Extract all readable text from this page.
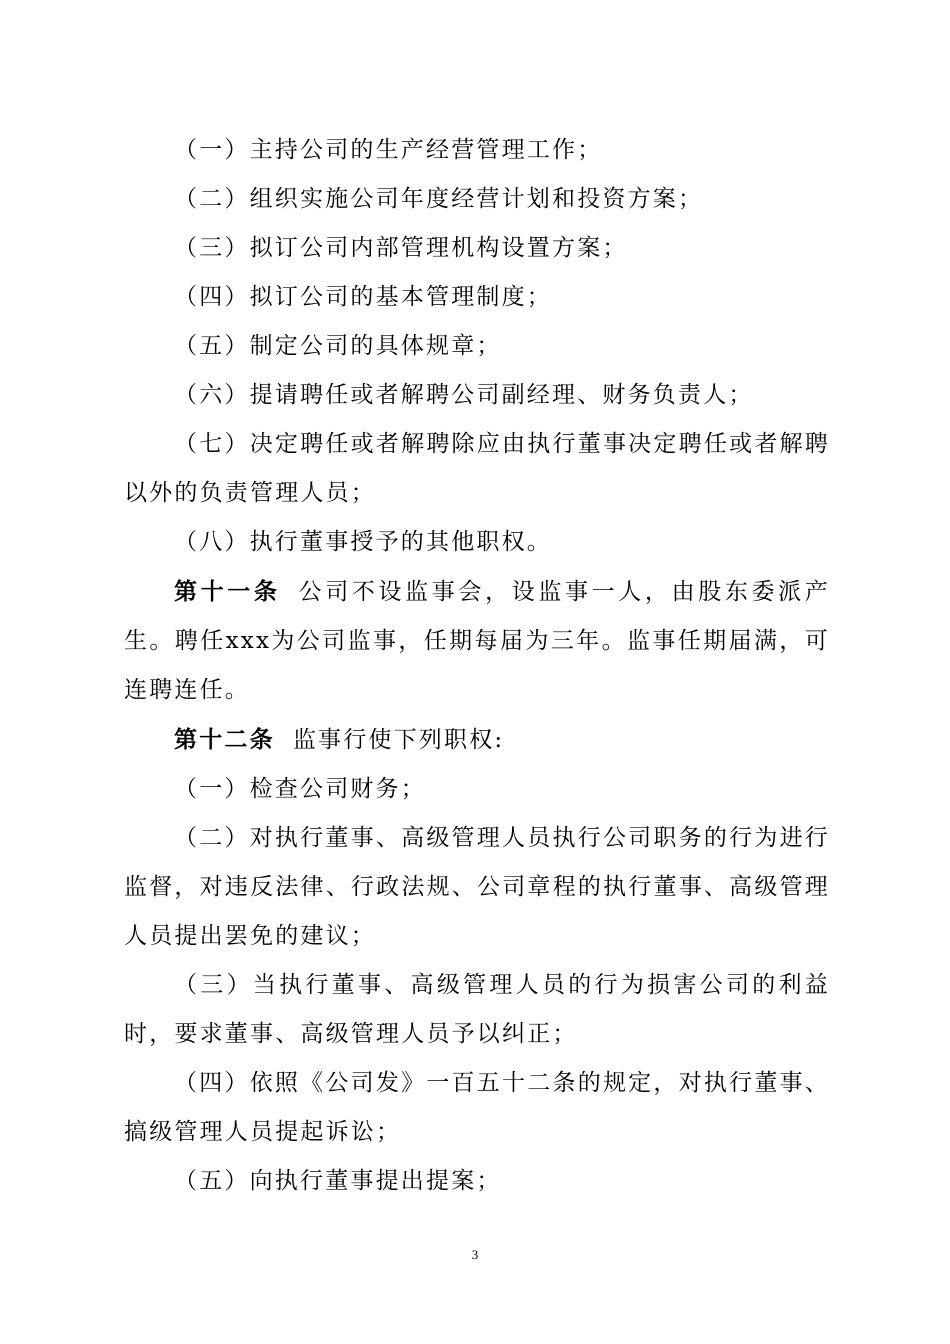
（一）主持公司的生产经营管理工作；

（二）组织实施公司年度经营计划和投资方案；

（三）拟订公司内部管理机构设置方案；

（四）拟订公司的基本管理制度；

（五）制定公司的具体规章；

（六）提请聘任或者解聘公司副经理、财务负责人；

（七）决定聘任或者解聘除应由执行董事决定聘任或者解聘以外的负责管理人员；

（八）执行董事授予的其他职权。

第十一条 公司不设监事会，设监事一人，由股东委派产生。聘任xxx为公司监事，任期每届为三年。监事任期届满，可连聘连任。

第十二条 监事行使下列职权:

（一）检查公司财务；

（二）对执行董事、高级管理人员执行公司职务的行为进行监督，对违反法律、行政法规、公司章程的执行董事、高级管理人员提出罢免的建议；

（三）当执行董事、高级管理人员的行为损害公司的利益时，要求董事、高级管理人员予以纠正；

（四）依照《公司发》一百五十二条的规定，对执行董事、搞级管理人员提起诉讼；

（五）向执行董事提出提案；

3
